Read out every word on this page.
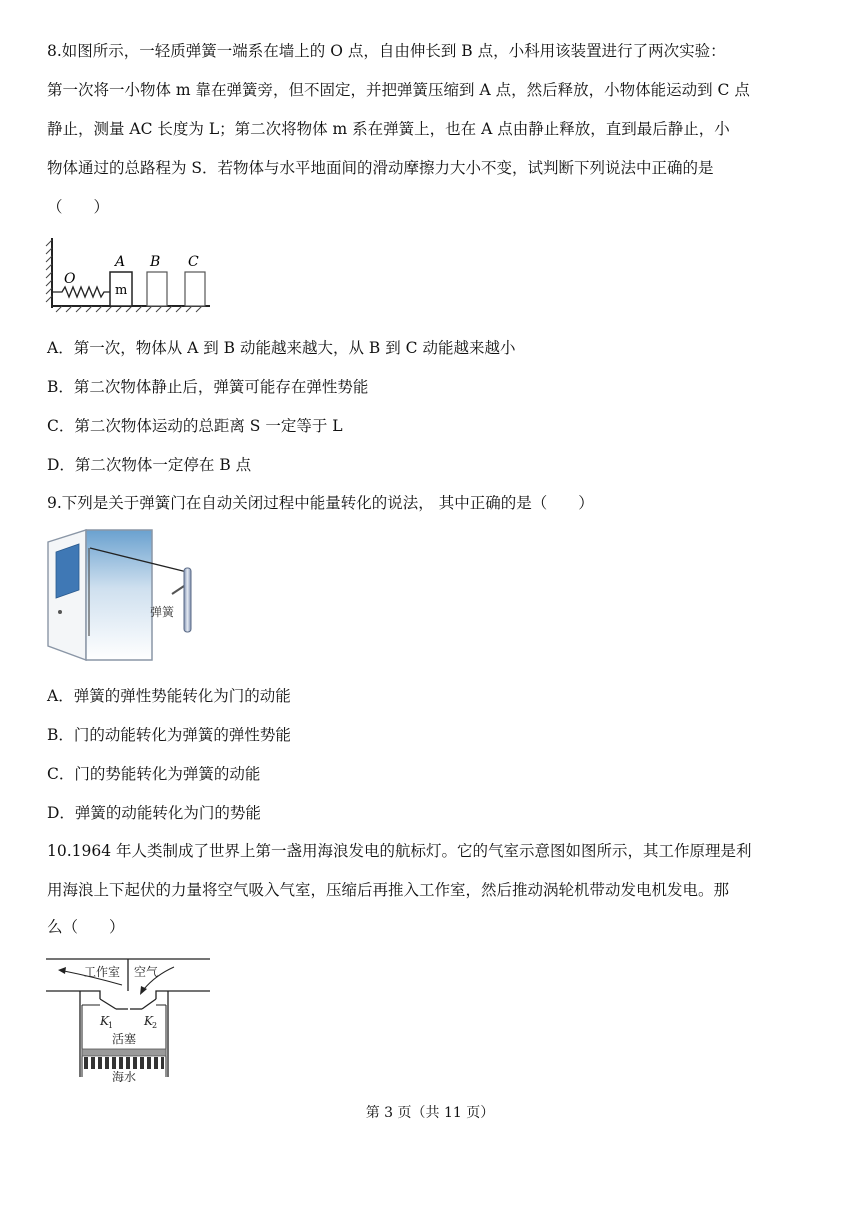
8.如图所示，一轻质弹簧一端系在墙上的 O 点，自由伸长到 B 点，小科用该装置进行了两次实验：
第一次将一小物体 m 靠在弹簧旁，但不固定，并把弹簧压缩到 A 点，然后释放，小物体能运动到 C 点
静止，测量 AC 长度为 L；第二次将物体 m 系在弹簧上，也在 A 点由静止释放，直到最后静止，小
物体通过的总路程为 S．若物体与水平地面间的滑动摩擦力大小不变，试判断下列说法中正确的是
（　　）
O
m
A B C
A．第一次，物体从 A 到 B 动能越来越大，从 B 到 C 动能越来越小
B．第二次物体静止后，弹簧可能存在弹性势能
C．第二次物体运动的总距离 S 一定等于 L
D．第二次物体一定停在 B 点
9.下列是关于弹簧门在自动关闭过程中能量转化的说法， 其中正确的是（　　）
弹簧
A．弹簧的弹性势能转化为门的动能
B．门的动能转化为弹簧的弹性势能
C．门的势能转化为弹簧的动能
D．弹簧的动能转化为门的势能
10.1964 年人类制成了世界上第一盏用海浪发电的航标灯。它的气室示意图如图所示，其工作原理是利
用海浪上下起伏的力量将空气吸入气室，压缩后再推入工作室，然后推动涡轮机带动发电机发电。那
么（　　）
工作室 空气
K 1	K 2
活塞
海水
第 3 页（共 11 页）
